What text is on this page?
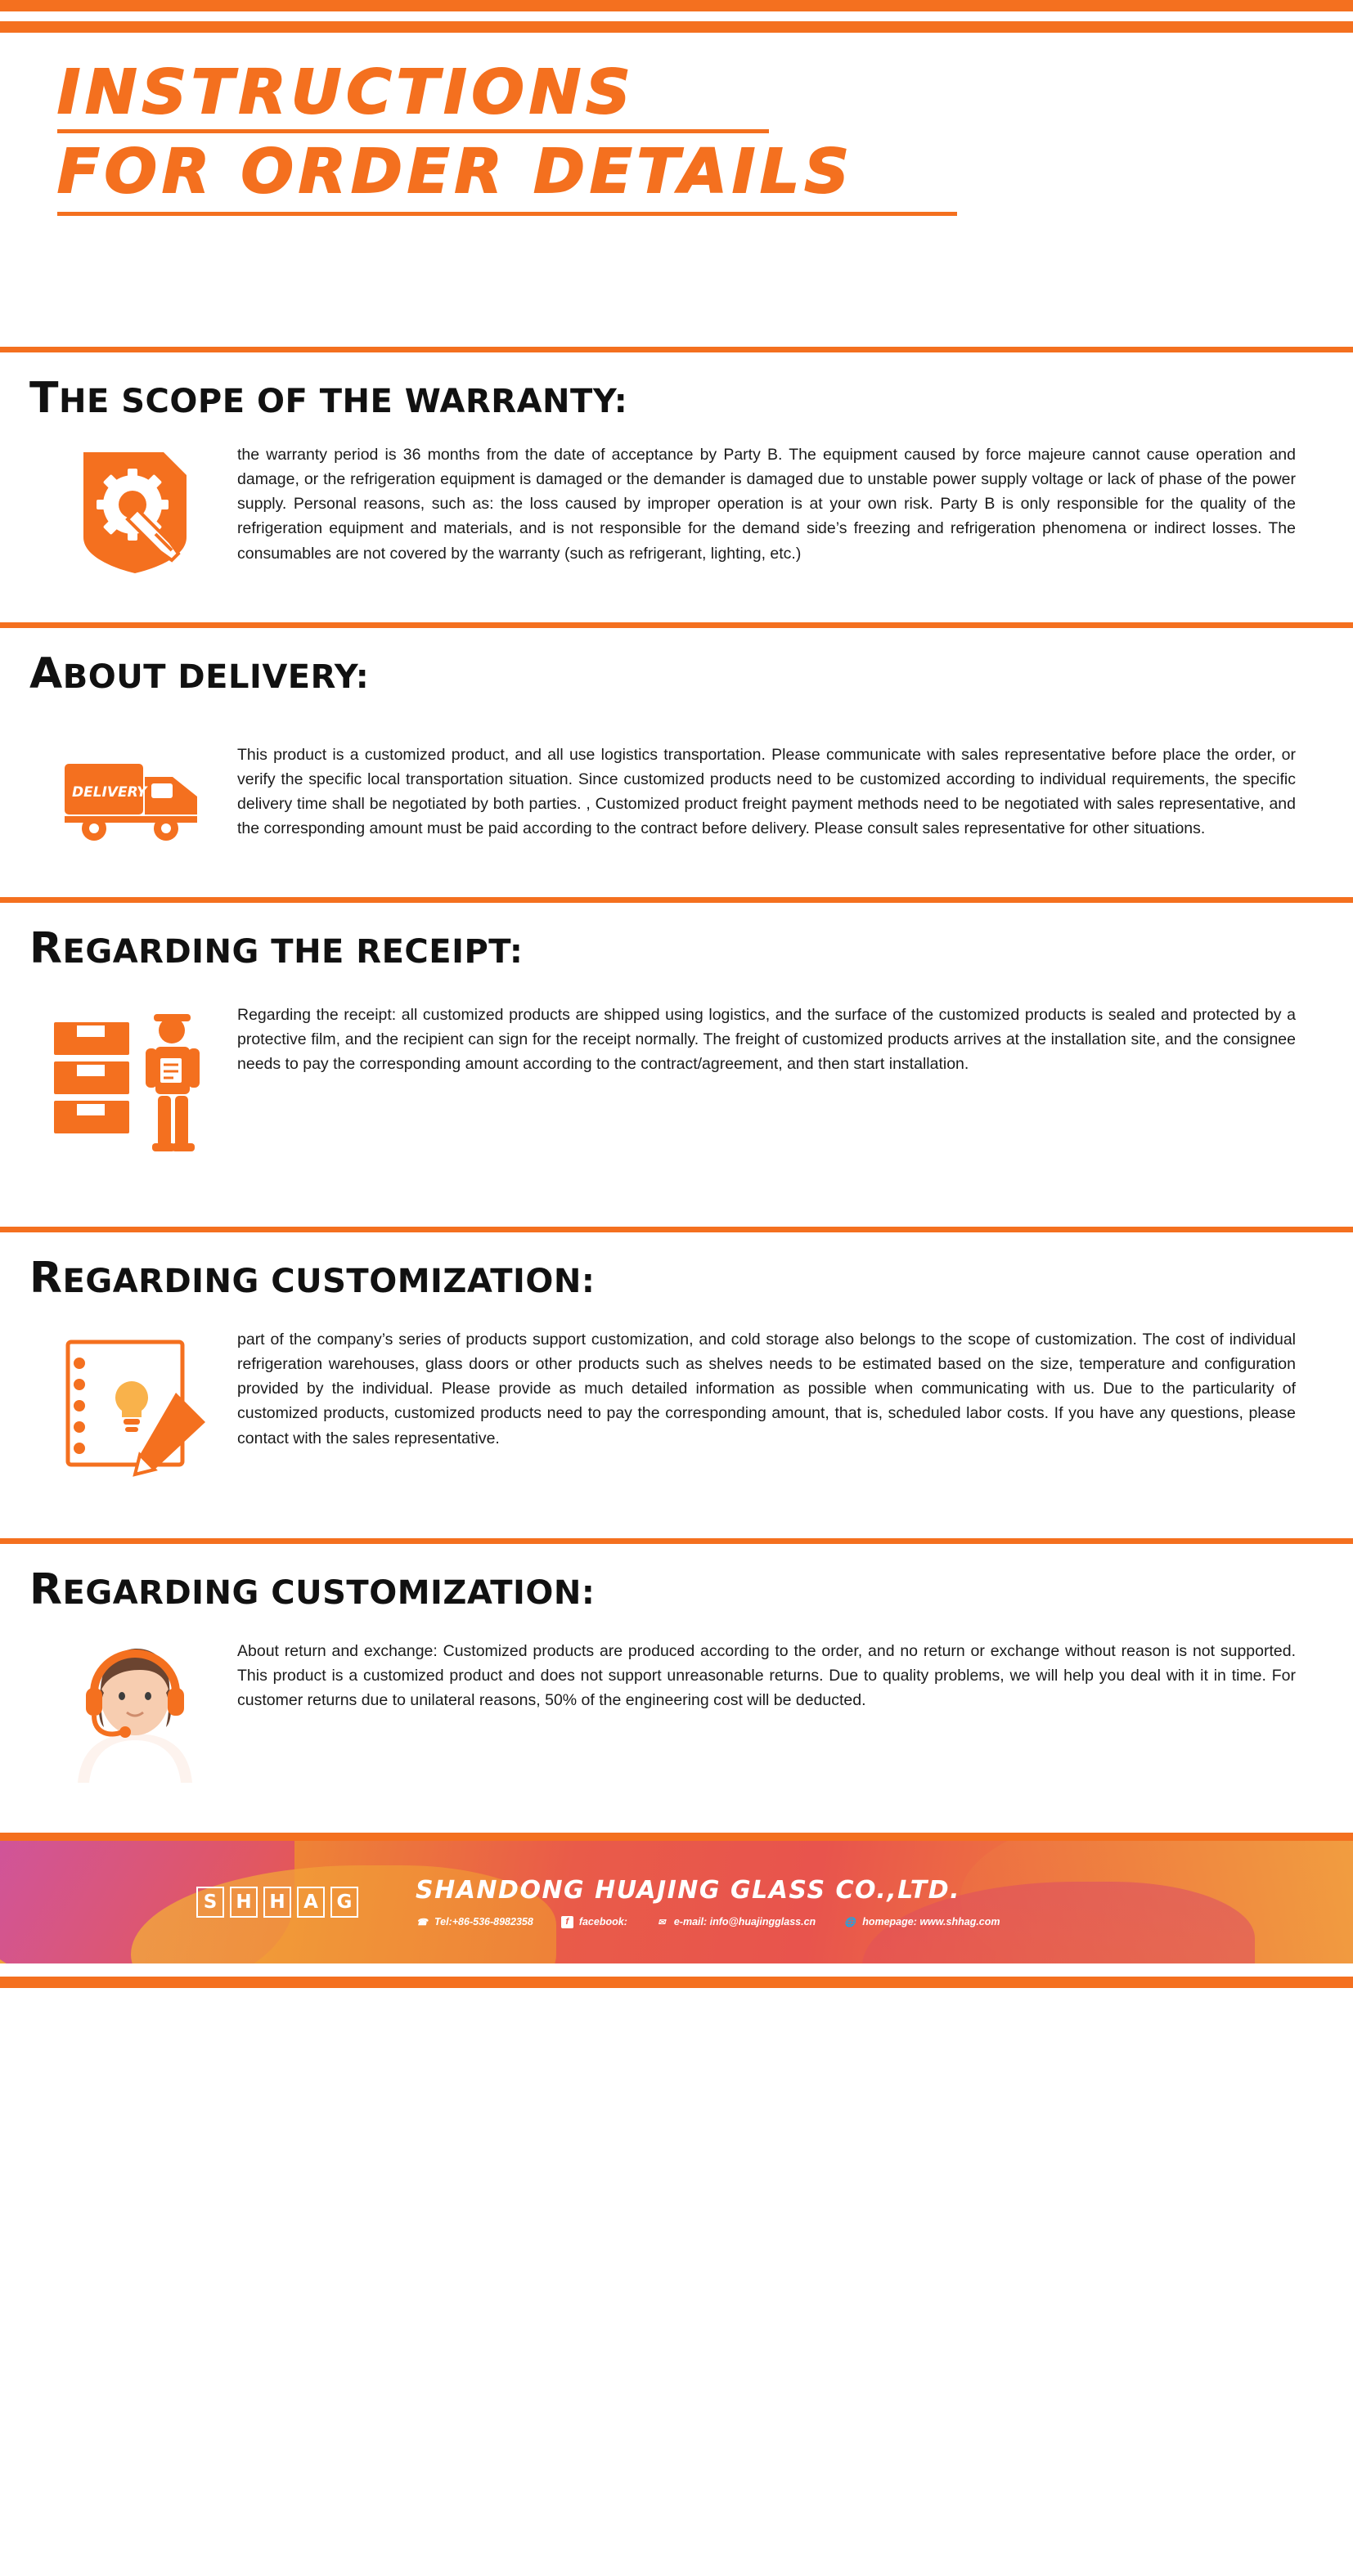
INSTRUCTIONS
FOR ORDER DETAILS
THE SCOPE OF THE WARRANTY:
the warranty period is 36 months from the date of acceptance by Party B. The equipment caused by force majeure cannot cause operation and damage, or the refrigeration equipment is damaged or the demander is damaged due to unstable power supply voltage or lack of phase of the power supply. Personal reasons, such as: the loss caused by improper operation is at your own risk. Party B is only responsible for the quality of the refrigeration equipment and materials, and is not responsible for the demand side’s freezing and refrigeration phenomena or indirect losses. The consumables are not covered by the warranty (such as refrigerant, lighting, etc.)
ABOUT DELIVERY:
DELIVERY
This product is a customized product, and all use logistics transportation. Please communicate with sales representative before place the order, or verify the specific local transportation situation. Since customized products need to be customized according to individual requirements, the specific delivery time shall be negotiated by both parties. , Customized product freight payment methods need to be negotiated with sales representative, and the corresponding amount must be paid according to the contract before delivery. Please consult sales representative for other situations.
REGARDING THE RECEIPT:
Regarding the receipt: all customized products are shipped using logistics, and the surface of the customized products is sealed and protected by a protective film, and the recipient can sign for the receipt normally. The freight of customized products arrives at the installation site, and the consignee needs to pay the corresponding amount according to the contract/agreement, and then start installation.
REGARDING CUSTOMIZATION:
part of the company’s series of products support customization, and cold storage also belongs to the scope of customization. The cost of individual refrigeration warehouses, glass doors or other products such as shelves needs to be estimated based on the size, temperature and configuration provided by the individual. Please provide as much detailed information as possible when communicating with us. Due to the particularity of customized products, customized products need to pay the corresponding amount, that is, scheduled labor costs. If you have any questions, please contact with the sales representative.
REGARDING CUSTOMIZATION:
About return and exchange: Customized products are produced according to the order, and no return or exchange without reason is not supported. This product is a customized product and does not support unreasonable returns. Due to quality problems, we will help you deal with it in time. For customer returns due to unilateral reasons, 50% of the engineering cost will be deducted.
S	H H A G	SHANDONG HUAJING GLASS CO.,LTD.
☎ Tel:+86-536-8982358	f	facebook:	✉ e-mail: info@huajingglass.cn	🌐 homepage: www.shhag.com
